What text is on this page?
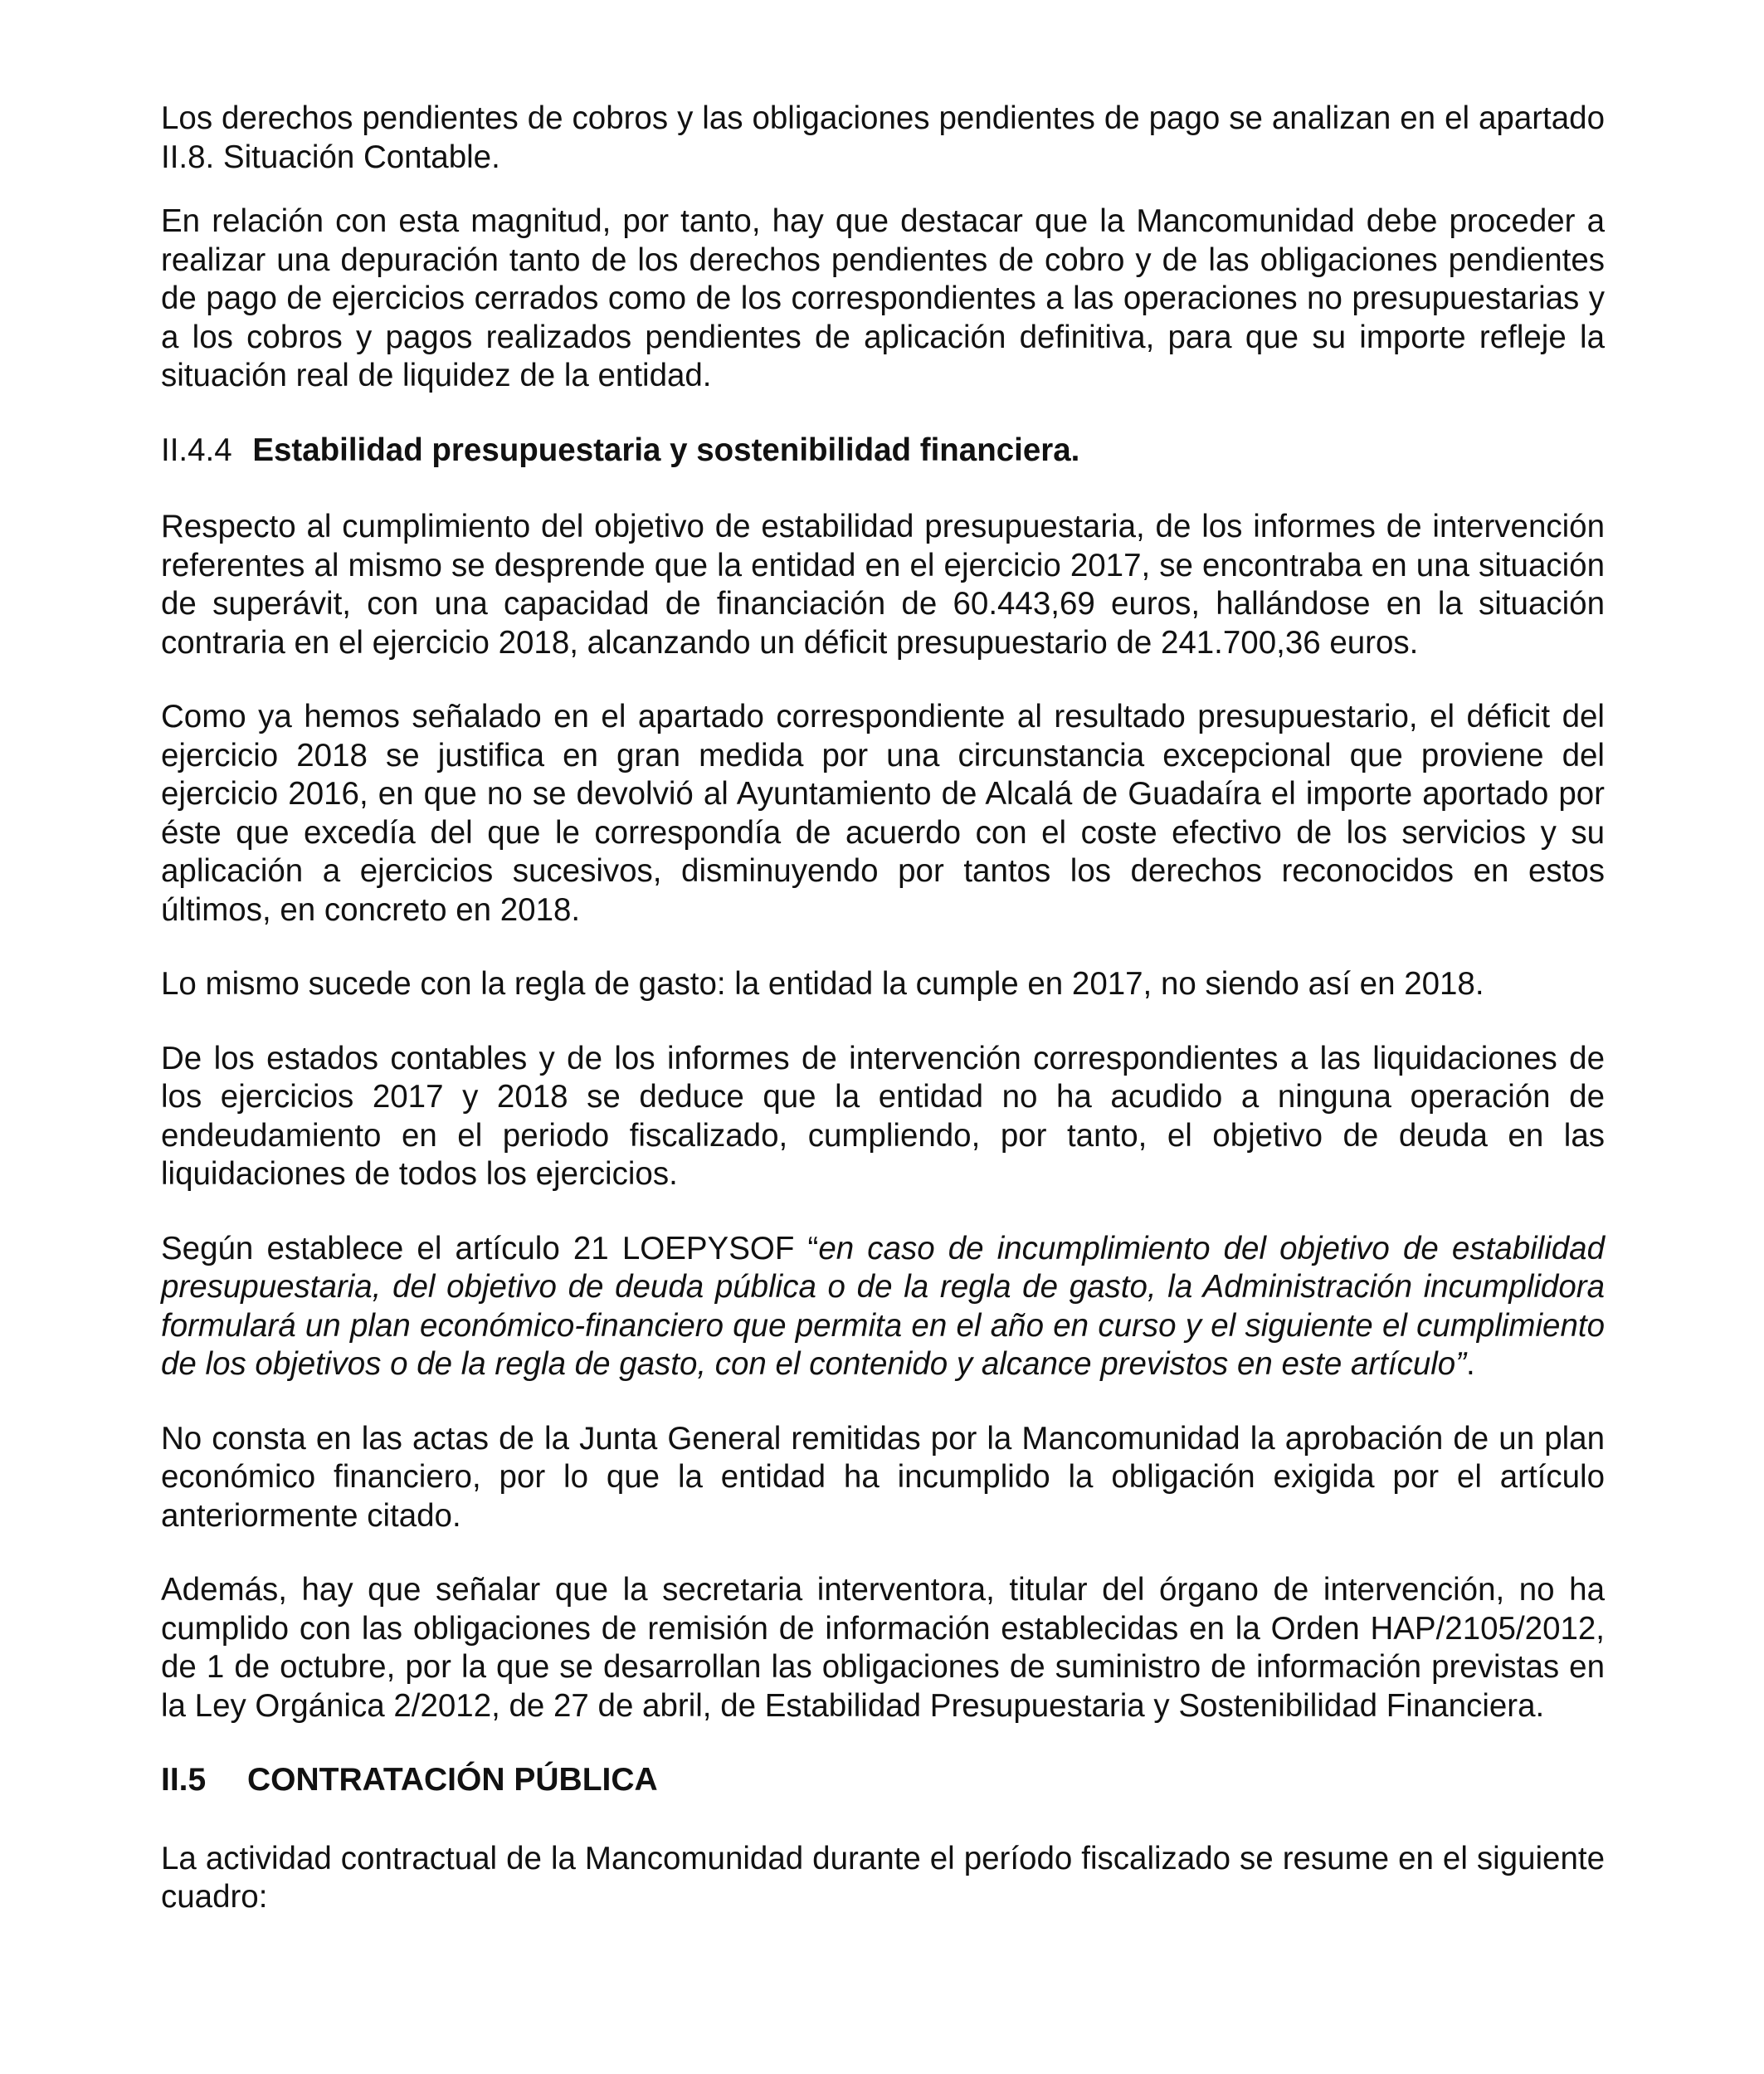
Los derechos pendientes de cobros y las obligaciones pendientes de pago se analizan en el apartado II.8. Situación Contable.

En relación con esta magnitud, por tanto, hay que destacar que la Mancomunidad debe proceder a realizar una depuración tanto de los derechos pendientes de cobro y de las obligaciones pendientes de pago de ejercicios cerrados como de los correspondientes a las operaciones no presupuestarias y a los cobros y pagos realizados pendientes de aplicación definitiva, para que su importe refleje la situación real de liquidez de la entidad.

II.4.4 Estabilidad presupuestaria y sostenibilidad financiera.

Respecto al cumplimiento del objetivo de estabilidad presupuestaria, de los informes de intervención referentes al mismo se desprende que la entidad en el ejercicio 2017, se encontraba en una situación de superávit, con una capacidad de financiación de 60.443,69 euros, hallándose en la situación contraria en el ejercicio 2018, alcanzando un déficit presupuestario de 241.700,36 euros.

Como ya hemos señalado en el apartado correspondiente al resultado presupuestario, el déficit del ejercicio 2018 se justifica en gran medida por una circunstancia excepcional que proviene del ejercicio 2016, en que no se devolvió al Ayuntamiento de Alcalá de Guadaíra el importe aportado por éste que excedía del que le correspondía de acuerdo con el coste efectivo de los servicios y su aplicación a ejercicios sucesivos, disminuyendo por tantos los derechos reconocidos en estos últimos, en concreto en 2018.

Lo mismo sucede con la regla de gasto: la entidad la cumple en 2017, no siendo así en 2018.

De los estados contables y de los informes de intervención correspondientes a las liquidaciones de los ejercicios 2017 y 2018 se deduce que la entidad no ha acudido a ninguna operación de endeudamiento en el periodo fiscalizado, cumpliendo, por tanto, el objetivo de deuda en las liquidaciones de todos los ejercicios.

Según establece el artículo 21 LOEPYSOF “en caso de incumplimiento del objetivo de estabilidad presupuestaria, del objetivo de deuda pública o de la regla de gasto, la Administración incumplidora formulará un plan económico-financiero que permita en el año en curso y el siguiente el cumplimiento de los objetivos o de la regla de gasto, con el contenido y alcance previstos en este artículo”.

No consta en las actas de la Junta General remitidas por la Mancomunidad la aprobación de un plan económico financiero, por lo que la entidad ha incumplido la obligación exigida por el artículo anteriormente citado.

Además, hay que señalar que la secretaria interventora, titular del órgano de intervención, no ha cumplido con las obligaciones de remisión de información establecidas en la Orden HAP/2105/2012, de 1 de octubre, por la que se desarrollan las obligaciones de suministro de información previstas en la Ley Orgánica 2/2012, de 27 de abril, de Estabilidad Presupuestaria y Sostenibilidad Financiera.

II.5 CONTRATACIÓN PÚBLICA

La actividad contractual de la Mancomunidad durante el período fiscalizado se resume en el siguiente cuadro:
